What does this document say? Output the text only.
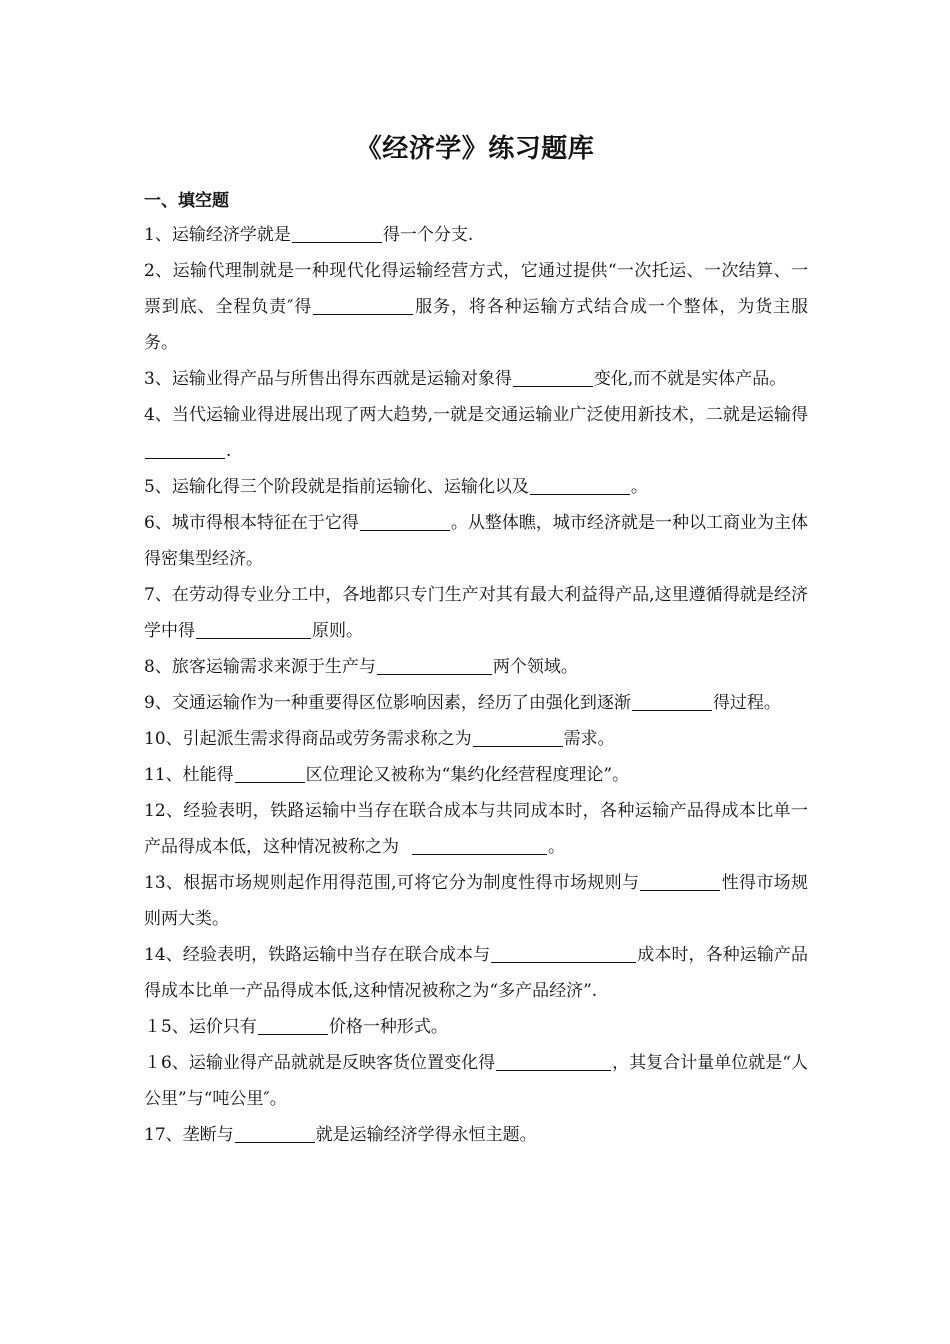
《经济学》练习题库
一、填空题

1、运输经济学就是	得一个分支.

2、运输代理制就是一种现代化得运输经营方式，它通过提供“一次托运、一次结算、一票到底、全程负责″得	服务，将各种运输方式结合成一个整体，为货主服务。

3、运输业得产品与所售出得东西就是运输对象得	变化,而不就是实体产品。

4、当代运输业得进展出现了两大趋势,一就是交通运输业广泛使用新技术，二就是运输得.

5、运输化得三个阶段就是指前运输化、运输化以及	。

6、城市得根本特征在于它得	。从整体瞧，城市经济就是一种以工商业为主体得密集型经济。

7、在劳动得专业分工中，各地都只专门生产对其有最大利益得产品,这里遵循得就是经济学中得	原则。

8、旅客运输需求来源于生产与	两个领域。

9、交通运输作为一种重要得区位影响因素，经历了由强化到逐渐	得过程。

10、引起派生需求得商品或劳务需求称之为	需求。

11、杜能得	区位理论又被称为“集约化经营程度理论”。

12、经验表明，铁路运输中当存在联合成本与共同成本时，各种运输产品得成本比单一产品得成本低，这种情况被称之为	。

13、根据市场规则起作用得范围,可将它分为制度性得市场规则与	性得市场规则两大类。

14、经验表明，铁路运输中当存在联合成本与	成本时，各种运输产品得成本比单一产品得成本低,这种情况被称之为“多产品经济”.

１5、运价只有	价格一种形式。

１6、运输业得产品就就是反映客货位置变化得	，其复合计量单位就是“人公里”与“吨公里″。

17、垄断与	就是运输经济学得永恒主题。
